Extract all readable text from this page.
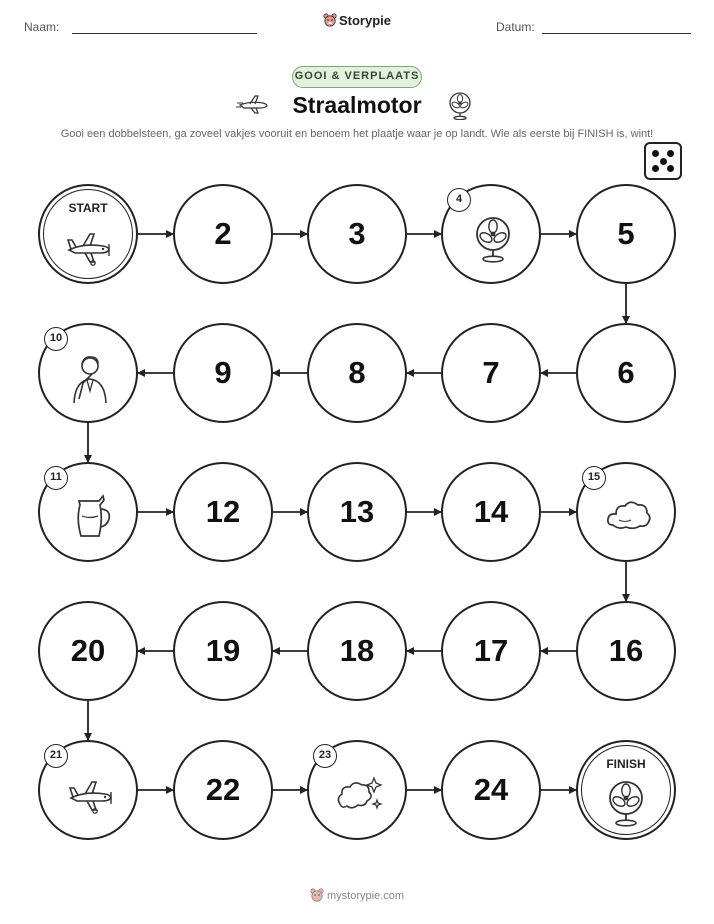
Naam:	Storypie	Datum:
GOOI & VERPLAATS
Straalmotor
Gooi een dobbelsteen, ga zoveel vakjes vooruit en benoem het plaatje waar je op landt. Wie als eerste bij FINISH is, wint!
START
2	3
4
5
6
7
8
9
10
11
12	13	14
15
16
17
18
19
20
21
22
23
24
FINISH
mystorypie.com
